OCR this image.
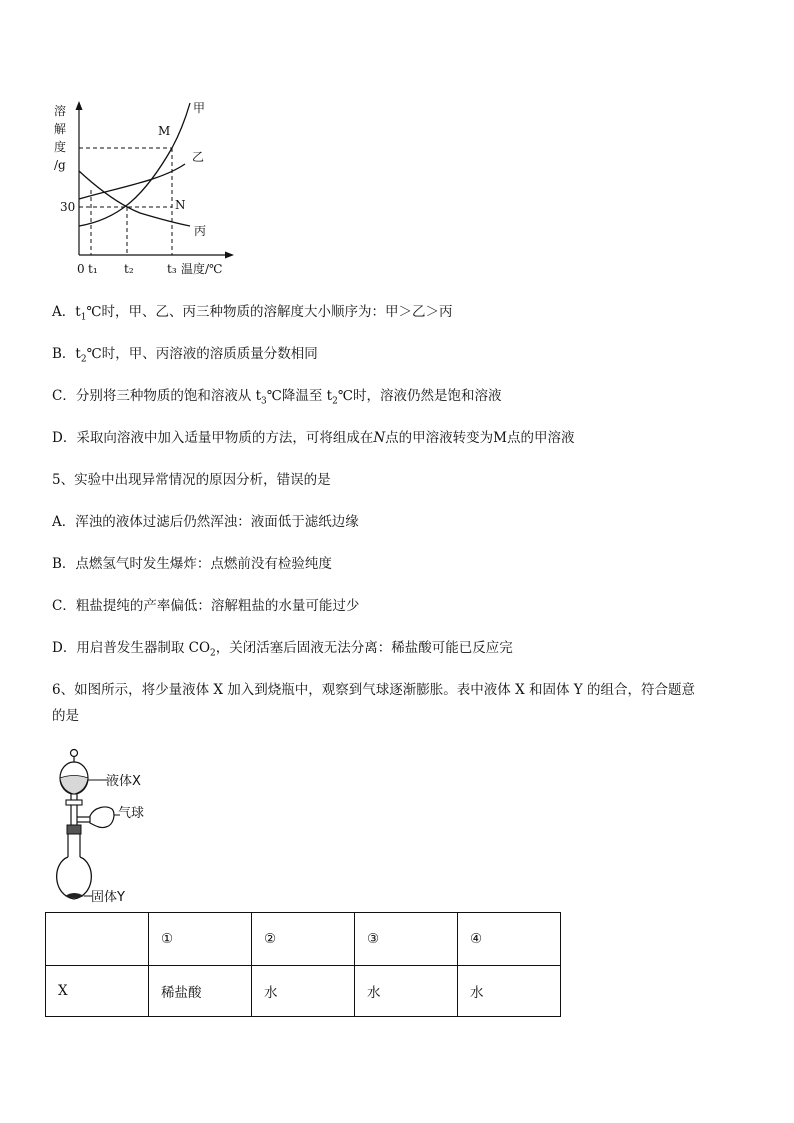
溶
解
度
/g
甲
乙
丙
M
N
30
0 t₁ t₂	t₃ 温度/℃
A．$t_1℃$时，甲、乙、丙三种物质的溶解度大小顺序为：甲＞乙＞丙
B．$t_2℃$时，甲、丙溶液的溶质质量分数相同
C．分别将三种物质的饱和溶液从 $t_3℃$降温至 $t_2℃$时，溶液仍然是饱和溶液
D．采取向溶液中加入适量甲物质的方法，可将组成在N点的甲溶液转变为M点的甲溶液
5、实验中出现异常情况的原因分析，错误的是
A．浑浊的液体过滤后仍然浑浊：液面低于滤纸边缘
B．点燃氢气时发生爆炸：点燃前没有检验纯度
C．粗盐提纯的产率偏低：溶解粗盐的水量可能过少
D．用启普发生器制取 $CO_2$，关闭活塞后固液无法分离：稀盐酸可能已反应完
6、如图所示，将少量液体 X 加入到烧瓶中，观察到气球逐渐膨胀。表中液体 X 和固体 Y 的组合，符合题意
的是
液体X
气球
固体Y
	①	②	③	④
X	稀盐酸	水	水	水
